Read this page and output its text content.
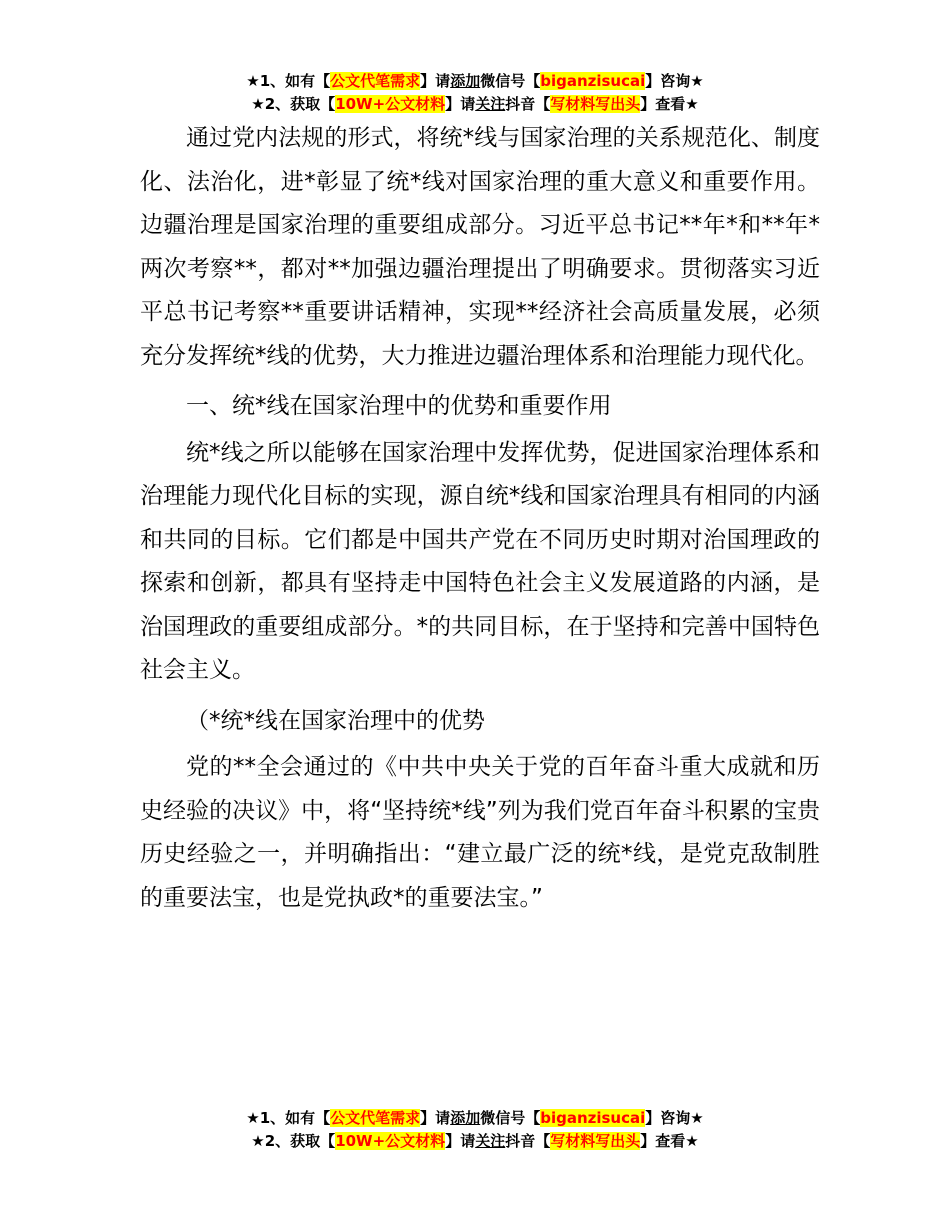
★1、如有【公文代笔需求】请添加微信号【biganzisucai】咨询★
★2、获取【10W+公文材料】请关注抖音【写材料写出头】查看★

通过党内法规的形式，将统*线与国家治理的关系规范化、制度化、法治化，进*彰显了统*线对国家治理的重大意义和重要作用。边疆治理是国家治理的重要组成部分。习近平总书记**年*和**年*两次考察**，都对**加强边疆治理提出了明确要求。贯彻落实习近平总书记考察**重要讲话精神，实现**经济社会高质量发展，必须充分发挥统*线的优势，大力推进边疆治理体系和治理能力现代化。

一、统*线在国家治理中的优势和重要作用

统*线之所以能够在国家治理中发挥优势，促进国家治理体系和治理能力现代化目标的实现，源自统*线和国家治理具有相同的内涵和共同的目标。它们都是中国共产党在不同历史时期对治国理政的探索和创新，都具有坚持走中国特色社会主义发展道路的内涵，是治国理政的重要组成部分。*的共同目标，在于坚持和完善中国特色社会主义。

（*统*线在国家治理中的优势

党的**全会通过的《中共中央关于党的百年奋斗重大成就和历史经验的决议》中，将“坚持统*线”列为我们党百年奋斗积累的宝贵历史经验之一，并明确指出：“建立最广泛的统*线，是党克敌制胜的重要法宝，也是党执政*的重要法宝。”

★1、如有【公文代笔需求】请添加微信号【biganzisucai】咨询★
★2、获取【10W+公文材料】请关注抖音【写材料写出头】查看★
